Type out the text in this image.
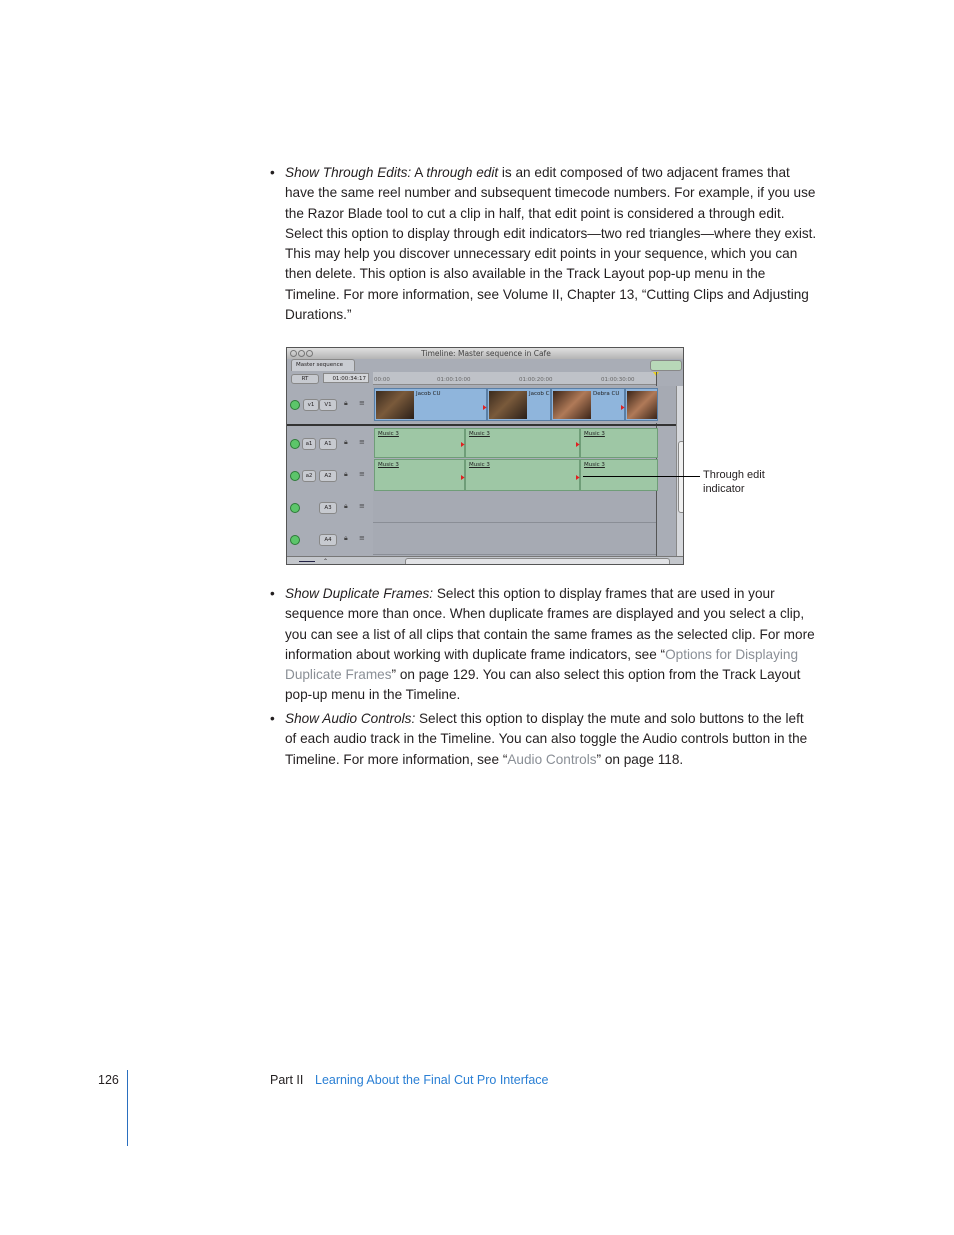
• Show Through Edits: A through edit is an edit composed of two adjacent frames that have the same reel number and subsequent timecode numbers. For example, if you use the Razor Blade tool to cut a clip in half, that edit point is considered a through edit. Select this option to display through edit indicators—two red triangles—where they exist. This may help you discover unnecessary edit points in your sequence, which you can then delete. This option is also available in the Track Layout pop-up menu in the Timeline. For more information, see Volume II, Chapter 13, “Cutting Clips and Adjusting Durations.”
Timeline: Master sequence in Cafe
Master sequence
RT	01:00:34:17	00:00	01:00:10:00	01:00:20:00	01:00:30:00
v1	V1	🔒︎ ≡
Jacob CU	Jacob C	Debra CU
a1	A1	🔒︎ ≡
a2	A2	🔒︎ ≡
A3	🔒︎ ≡
A4	🔒︎ ≡
Music 3	Music 3	Music 3
Music 3	Music 3	Music 3
⌃
Through edit
indicator
• Show Duplicate Frames: Select this option to display frames that are used in your sequence more than once. When duplicate frames are displayed and you select a clip, you can see a list of all clips that contain the same frames as the selected clip. For more information about working with duplicate frame indicators, see “Options for Displaying Duplicate Frames” on page 129. You can also select this option from the Track Layout pop-up menu in the Timeline.
• Show Audio Controls: Select this option to display the mute and solo buttons to the left of each audio track in the Timeline. You can also toggle the Audio controls button in the Timeline. For more information, see “Audio Controls” on page 118.
126	Part II Learning About the Final Cut Pro Interface
